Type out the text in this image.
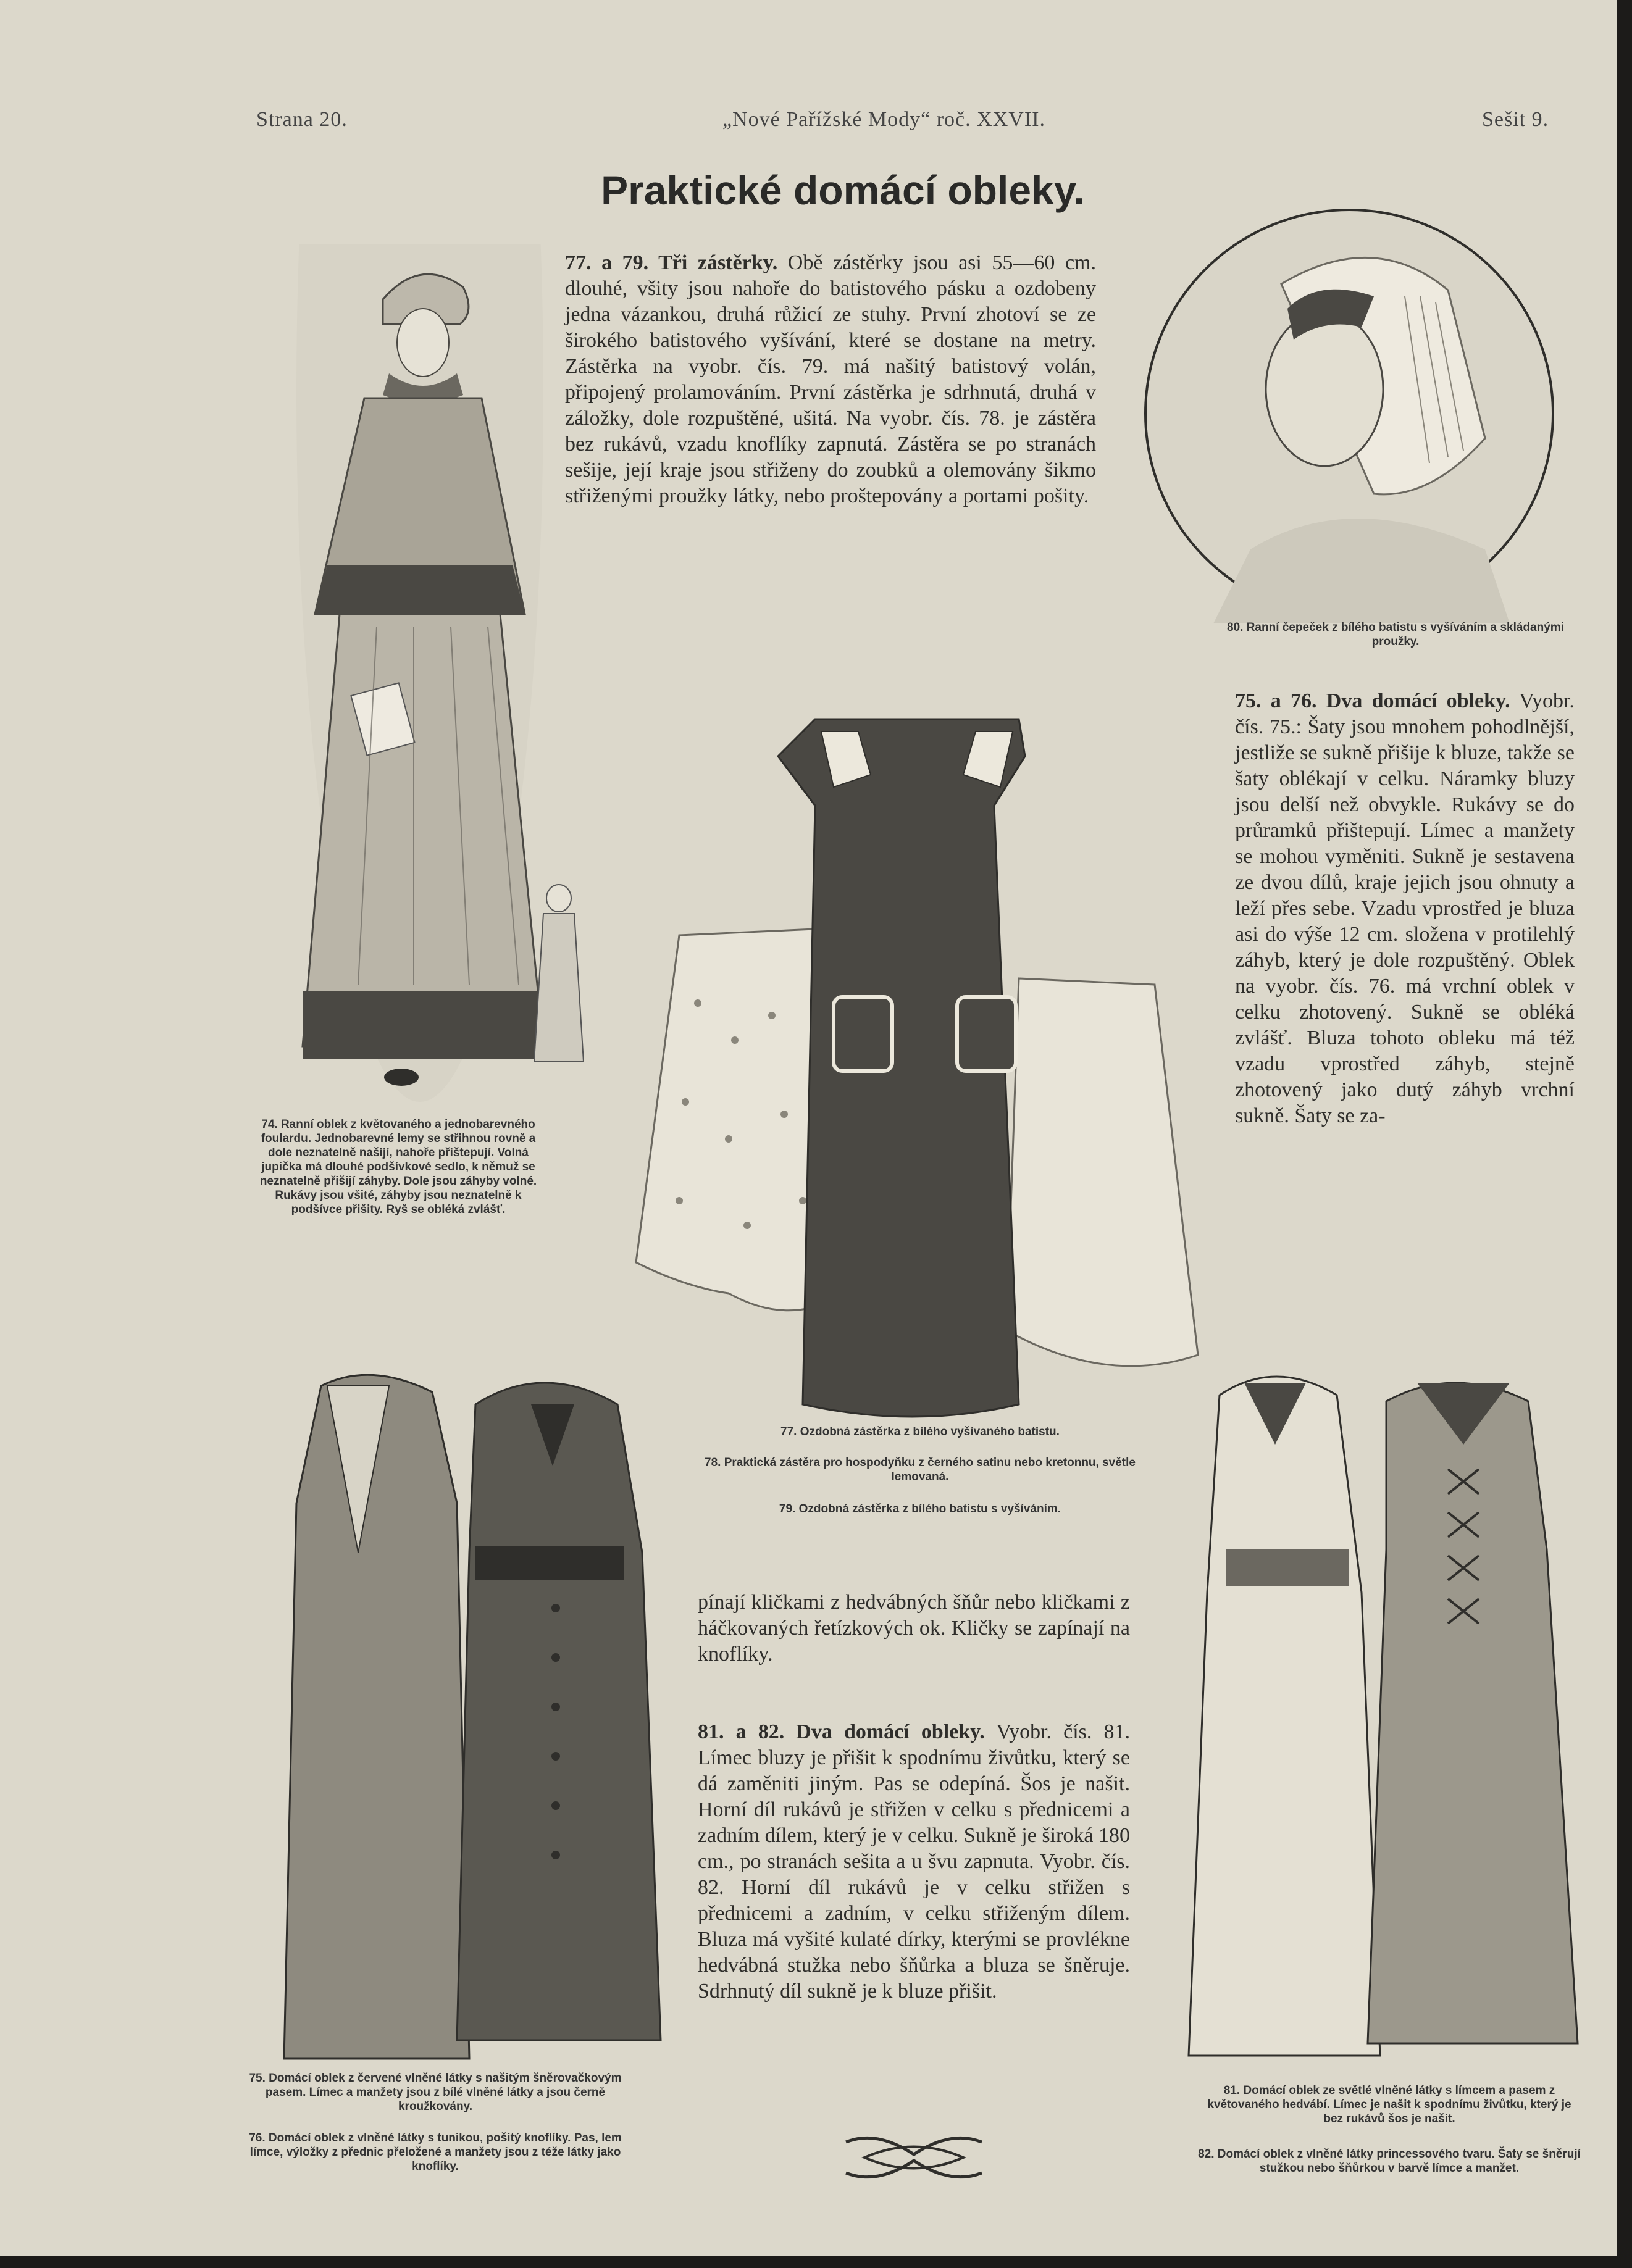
Strana 20.	„Nové Pařížské Mody“ roč. XXVII.	Sešit 9.
Praktické domácí obleky.

77. a 79. Tři zástěrky. Obě zástěrky jsou asi 55—60 cm. dlouhé, všity jsou nahoře do batistového pásku a ozdobeny jedna vázankou, druhá růžicí ze stuhy. První zhotoví se ze širokého batistového vyšívání, které se dostane na metry. Zástěrka na vyobr. čís. 79. má našitý batistový volán, připojený prolamováním. První zástěrka je sdrhnutá, druhá v záložky, dole rozpuštěné, ušitá. Na vyobr. čís. 78. je zástěra bez rukávů, vzadu knoflíky zapnutá. Zástěra se po stranách sešije, její kraje jsou střiženy do zoubků a olemovány šikmo střiženými proužky látky, nebo proštepovány a portami pošity.

80. Ranní čepeček z bílého batistu s vyšíváním a skládanými proužky.

75. a 76. Dva domácí obleky. Vyobr. čís. 75.: Šaty jsou mnohem pohodlnější, jestliže se sukně přišije k bluze, takže se šaty oblékají v celku. Náramky bluzy jsou delší než obvykle. Rukávy se do průramků přištepují. Límec a manžety se mohou vyměniti. Sukně je sestavena ze dvou dílů, kraje jejich jsou ohnuty a leží přes sebe. Vzadu vprostřed je bluza asi do výše 12 cm. složena v protilehlý záhyb, který je dole rozpuštěný. Oblek na vyobr. čís. 76. má vrchní oblek v celku zhotovený. Sukně se obléká zvlášť. Bluza tohoto obleku má též vzadu vprostřed záhyb, stejně zhotovený jako dutý záhyb vrchní sukně. Šaty se za-

74. Ranní oblek z květovaného a jednobarevného foulardu. Jednobarevné lemy se střihnou rovně a dole neznatelně našijí, nahoře přištepují. Volná jupička má dlouhé podšívkové sedlo, k němuž se neznatelně přišijí záhyby. Dole jsou záhyby volné. Rukávy jsou všité, záhyby jsou neznatelně k podšívce přišity. Ryš se obléká zvlášť.

77. Ozdobná zástěrka z bílého vyšívaného batistu.

78. Praktická zástěra pro hospodyňku z černého satinu nebo kretonnu, světle lemovaná.

79. Ozdobná zástěrka z bílého batistu s vyšíváním.

75. Domácí oblek z červené vlněné látky s našitým šněrovačkovým pasem. Límec a manžety jsou z bílé vlněné látky a jsou černě kroužkovány.

76. Domácí oblek z vlněné látky s tunikou, pošitý knoflíky. Pas, lem límce, výložky z přednic přeložené a manžety jsou z téže látky jako knoflíky.

pínají kličkami z hedvábných šňůr nebo kličkami z háčkovaných řetízkových ok. Kličky se zapínají na knoflíky.

81. a 82. Dva domácí obleky. Vyobr. čís. 81. Límec bluzy je přišit k spodnímu živůtku, který se dá zaměniti jiným. Pas se odepíná. Šos je našit. Horní díl rukávů je střižen v celku s přednicemi a zadním dílem, který je v celku. Sukně je široká 180 cm., po stranách sešita a u švu zapnuta. Vyobr. čís. 82. Horní díl rukávů je v celku střižen s přednicemi a zadním, v celku střiženým dílem. Bluza má vyšité kulaté dírky, kterými se provlékne hedvábná stužka nebo šňůrka a bluza se šněruje. Sdrhnutý díl sukně je k bluze přišit.

81. Domácí oblek ze světlé vlněné látky s límcem a pasem z květovaného hedvábí. Límec je našit k spodnímu živůtku, který je bez rukávů šos je našit.

82. Domácí oblek z vlněné látky princessového tvaru. Šaty se šněrují stužkou nebo šňůrkou v barvě límce a manžet.
